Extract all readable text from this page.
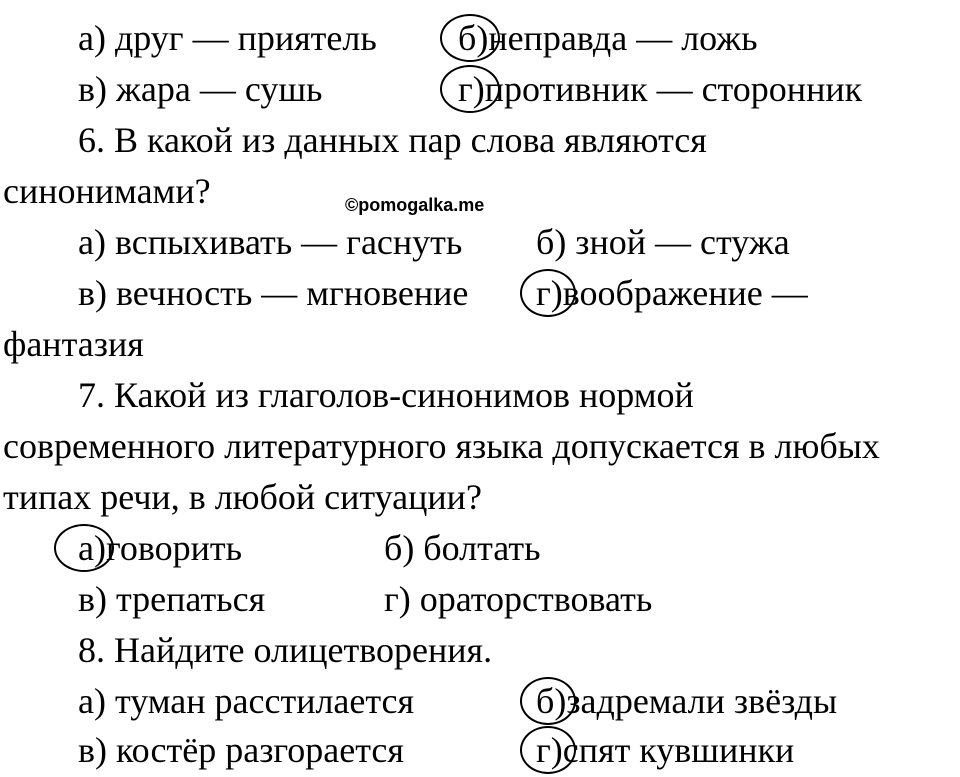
а) друг — приятель б)неправда — ложь
в) жара — сушь	г)противник — сторонник
6. В какой из данных пар слова являются
синонимами?	©pomogalka.me
а) вспыхивать — гаснуть б) зной — стужа
в) вечность — мгновение г)воображение —
фантазия
7. Какой из глаголов-синонимов нормой
современного литературного языка допускается в любых
типах речи, в любой ситуации?
а)говорить	б) болтать
в) трепаться	г) ораторствовать
8. Найдите олицетворения.
а) туман расстилается	б)задремали звёзды
в) костёр разгорается	г)спят кувшинки
